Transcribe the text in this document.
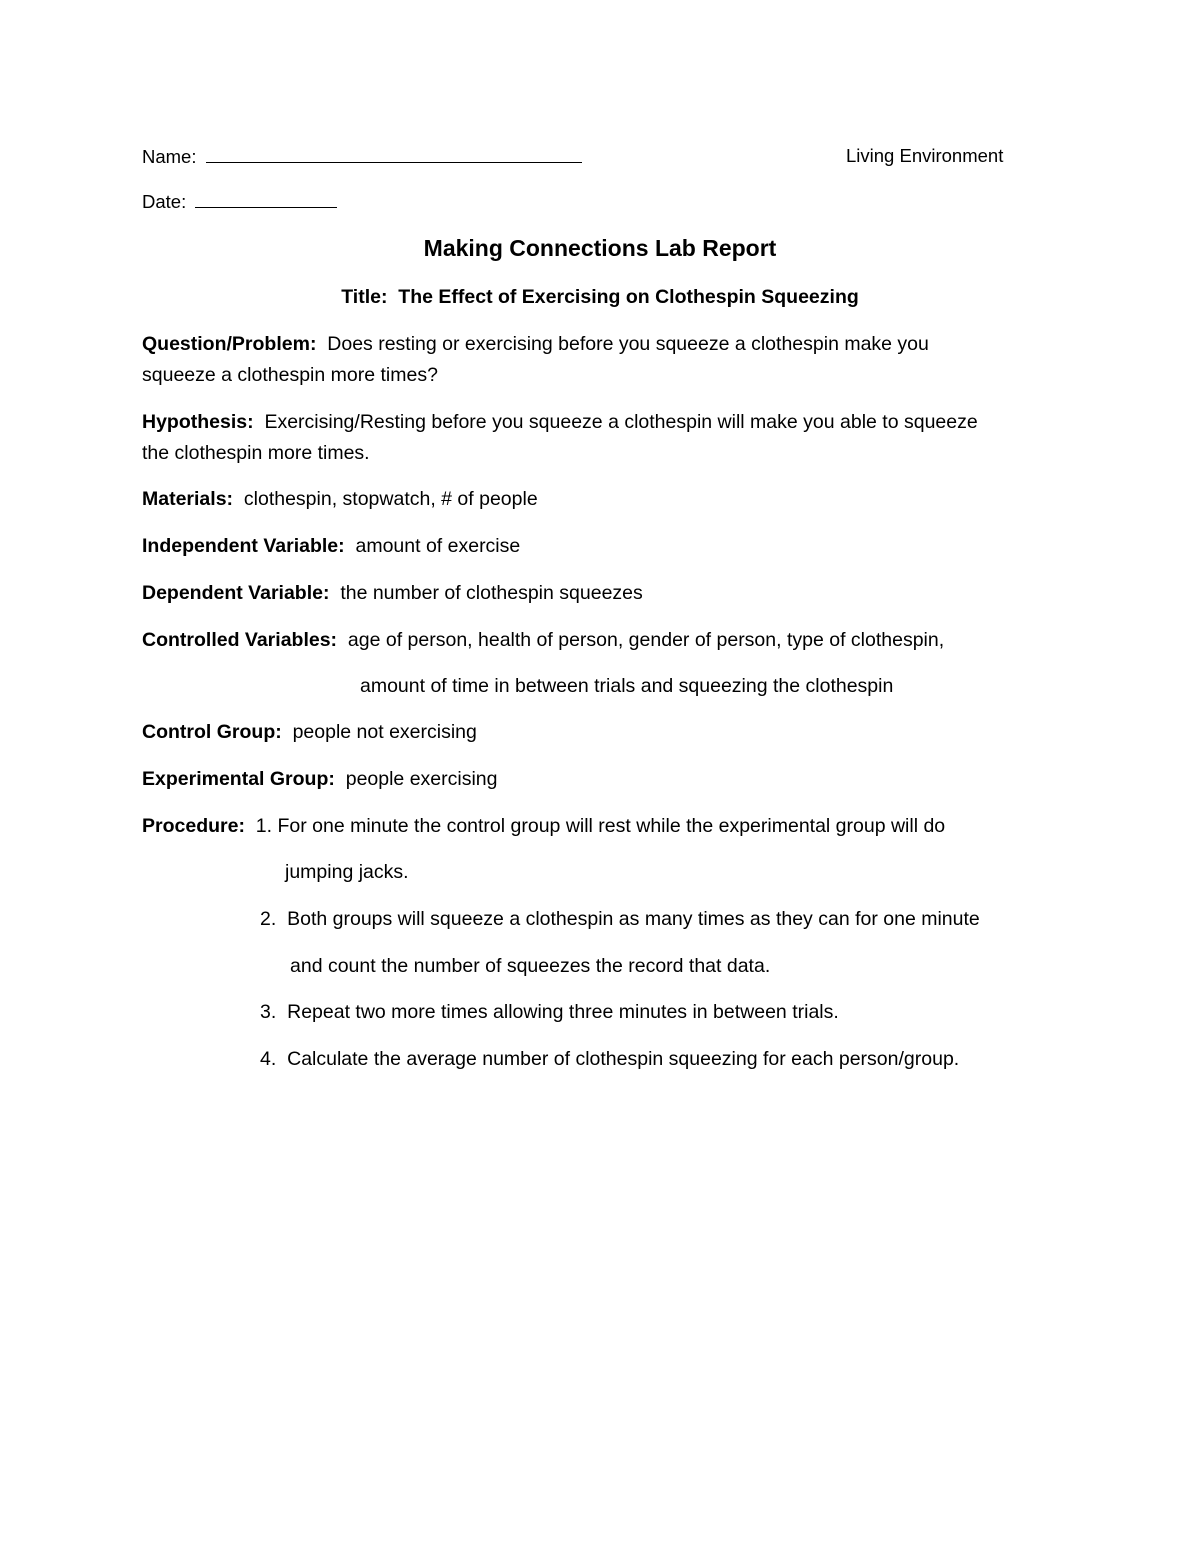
Name:	Living Environment
Date:
Making Connections Lab Report
Title: The Effect of Exercising on Clothespin Squeezing
Question/Problem: Does resting or exercising before you squeeze a clothespin make you
squeeze a clothespin more times?
Hypothesis: Exercising/Resting before you squeeze a clothespin will make you able to squeeze
the clothespin more times.
Materials: clothespin, stopwatch, # of people
Independent Variable: amount of exercise
Dependent Variable: the number of clothespin squeezes
Controlled Variables: age of person, health of person, gender of person, type of clothespin,
amount of time in between trials and squeezing the clothespin
Control Group: people not exercising
Experimental Group: people exercising
Procedure: 1. For one minute the control group will rest while the experimental group will do
jumping jacks.
2. Both groups will squeeze a clothespin as many times as they can for one minute
and count the number of squeezes the record that data.
3. Repeat two more times allowing three minutes in between trials.
4. Calculate the average number of clothespin squeezing for each person/group.
